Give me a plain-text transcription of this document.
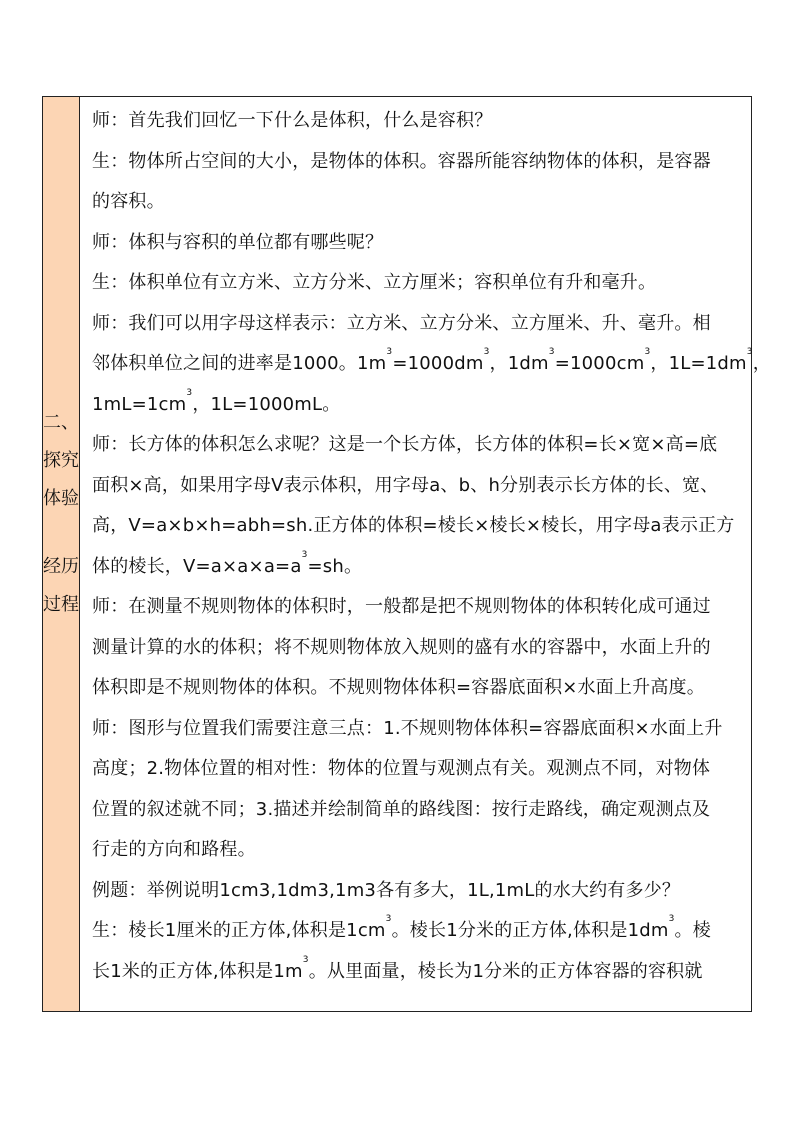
二、
探究
体验
经历
过程
师：首先我们回忆一下什么是体积，什么是容积？
生：物体所占空间的大小，是物体的体积。容器所能容纳物体的体积，是容器
的容积。
师：体积与容积的单位都有哪些呢？
生：体积单位有立方米、立方分米、立方厘米；容积单位有升和毫升。
师：我们可以用字母这样表示：立方米、立方分米、立方厘米、升、毫升。相
邻体积单位之间的进率是1000。$1m^3=1000dm^3$，$1dm^3=1000cm^3$，$1L=1dm^3$，
$1mL=1cm^3$，1L=1000mL。
师：长方体的体积怎么求呢？这是一个长方体，长方体的体积=长×宽×高=底
面积×高，如果用字母V表示体积，用字母a、b、h分别表示长方体的长、宽、
高，V=a×b×h=abh=sh.正方体的体积=棱长×棱长×棱长，用字母a表示正方
体的棱长，$V=a\times a\times a=a^3=sh$。
师：在测量不规则物体的体积时，一般都是把不规则物体的体积转化成可通过
测量计算的水的体积；将不规则物体放入规则的盛有水的容器中，水面上升的
体积即是不规则物体的体积。不规则物体体积=容器底面积×水面上升高度。
师：图形与位置我们需要注意三点：1.不规则物体体积=容器底面积×水面上升
高度；2.物体位置的相对性：物体的位置与观测点有关。观测点不同，对物体
位置的叙述就不同；3.描述并绘制简单的路线图：按行走路线，确定观测点及
行走的方向和路程。
例题：举例说明1cm3,1dm3,1m3各有多大，1L,1mL的水大约有多少？
生：棱长1厘米的正方体,体积是$1cm^3$。棱长1分米的正方体,体积是$1dm^3$。棱
长1米的正方体,体积是$1m^3$。从里面量，棱长为1分米的正方体容器的容积就
